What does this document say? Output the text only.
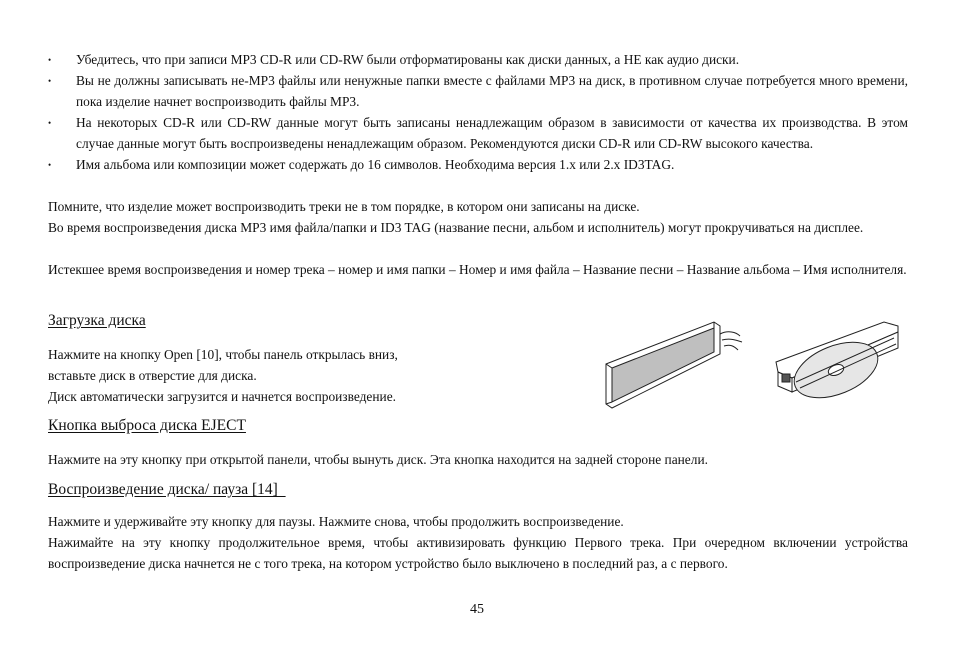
• Убедитесь, что при записи MP3 CD-R или CD-RW были отформатированы как диски данных, а НЕ как аудио диски.
• Вы не должны записывать не-MP3 файлы или ненужные папки вместе с файлами MP3 на диск, в противном случае потребуется много времени, пока изделие начнет воспроизводить файлы MP3.
• На некоторых CD-R или CD-RW данные могут быть записаны ненадлежащим образом в зависимости от качества их производства. В этом случае данные могут быть воспроизведены ненадлежащим образом. Рекомендуются диски CD-R или CD-RW высокого качества.
• Имя альбома или композиции может содержать до 16 символов. Необходима версия 1.x или 2.x ID3TAG.

Помните, что изделие может воспроизводить треки не в том порядке, в котором они записаны на диске.

Во время воспроизведения диска MP3 имя файла/папки и ID3 TAG (название песни, альбом и исполнитель) могут прокручиваться на дисплее.

Истекшее время воспроизведения и номер трека – номер и имя папки – Номер и имя файла – Название песни – Название альбома – Имя исполнителя.

Загрузка диска
Нажмите на кнопку Open [10], чтобы панель открылась вниз,
вставьте диск в отверстие для диска.
Диск автоматически загрузится и начнется воспроизведение.
Кнопка выброса диска EJECT

Нажмите на эту кнопку при открытой панели, чтобы вынуть диск. Эта кнопка находится на задней стороне панели.

Воспроизведение диска/ пауза [14]
Нажмите и удерживайте эту кнопку для паузы. Нажмите снова, чтобы продолжить воспроизведение.
Нажимайте на эту кнопку продолжительное время, чтобы активизировать функцию Первого трека. При очередном включении устройства воспроизведение диска начнется не с того трека, на котором устройство было выключено в последний раз, а с первого.
45
